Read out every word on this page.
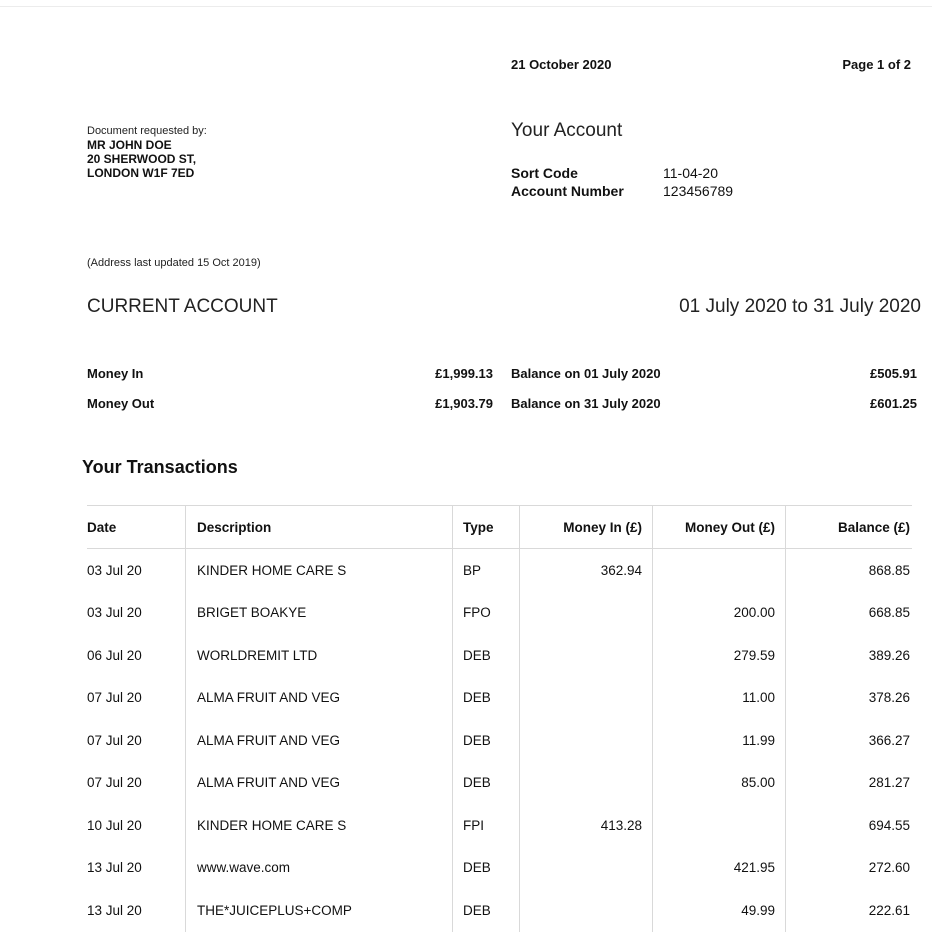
21 October 2020	Page 1 of 2
Document requested by:
MR JOHN DOE
20 SHERWOOD ST,
LONDON W1F 7ED
Your Account
Sort Code	11-04-20
Account Number	123456789
(Address last updated 15 Oct 2019)
CURRENT ACCOUNT	01 July 2020 to 31 July 2020
Money In	£1,999.13 Balance on 01 July 2020	£505.91
Money Out	£1,903.79 Balance on 31 July 2020	£601.25
Your Transactions
Date	Description	Type	Money In (£)	Money Out (£)	Balance (£)
03 Jul 20	KINDER HOME CARE S	BP	362.94		868.85
03 Jul 20	BRIGET BOAKYE	FPO		200.00	668.85
06 Jul 20	WORLDREMIT LTD	DEB		279.59	389.26
07 Jul 20	ALMA FRUIT AND VEG	DEB		11.00	378.26
07 Jul 20	ALMA FRUIT AND VEG	DEB		11.99	366.27
07 Jul 20	ALMA FRUIT AND VEG	DEB		85.00	281.27
10 Jul 20	KINDER HOME CARE S	FPI	413.28		694.55
13 Jul 20	www.wave.com	DEB		421.95	272.60
13 Jul 20	THE*JUICEPLUS+COMP	DEB		49.99	222.61
